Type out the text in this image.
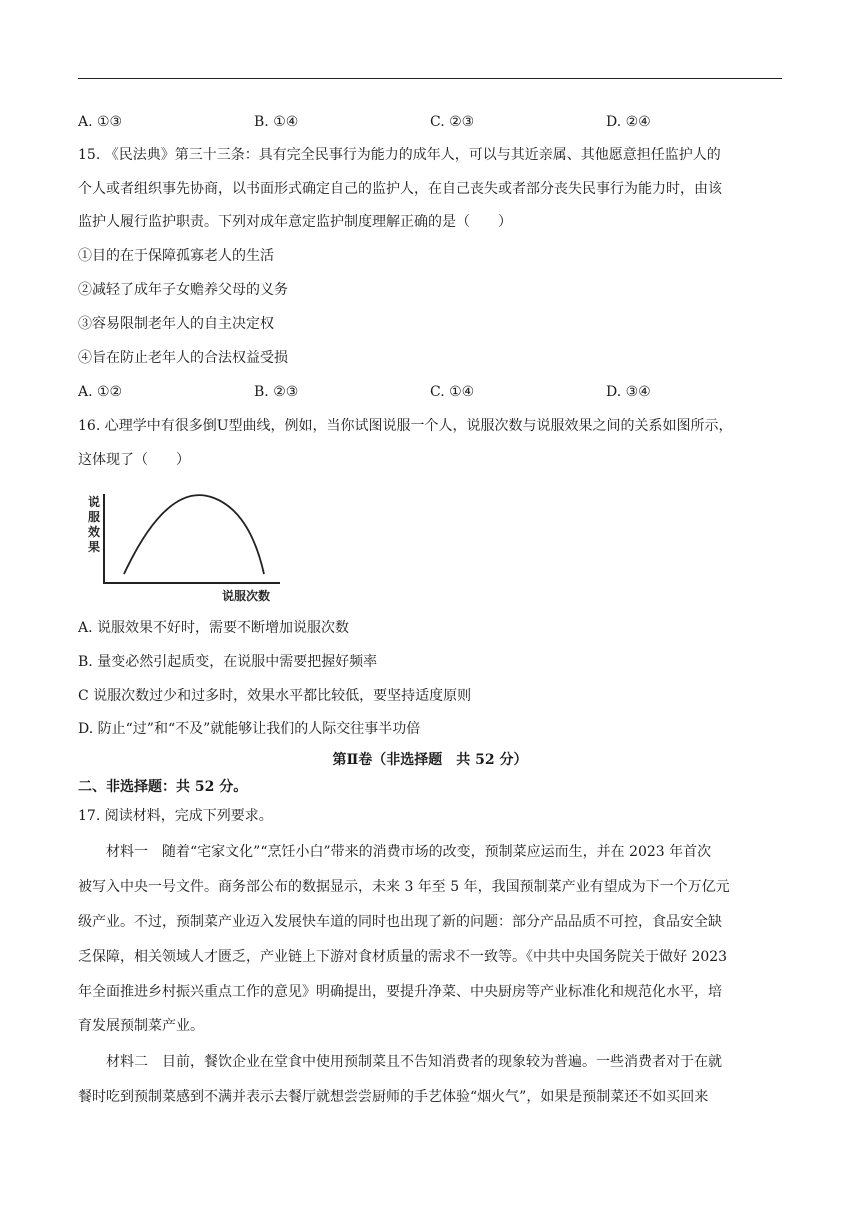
A. ①③	B. ①④	C. ②③	D. ②④
15. 《民法典》第三十三条：具有完全民事行为能力的成年人，可以与其近亲属、其他愿意担任监护人的
个人或者组织事先协商，以书面形式确定自己的监护人，在自己丧失或者部分丧失民事行为能力时，由该
监护人履行监护职责。下列对成年意定监护制度理解正确的是（　　）
①目的在于保障孤寡老人的生活
②减轻了成年子女赡养父母的义务
③容易限制老年人的自主决定权
④旨在防止老年人的合法权益受损
A. ①②	B. ②③	C. ①④	D. ③④
16. 心理学中有很多倒U型曲线，例如，当你试图说服一个人，说服次数与说服效果之间的关系如图所示，
这体现了（　　）
说
服
效
果
说服次数
A. 说服效果不好时，需要不断增加说服次数
B. 量变必然引起质变，在说服中需要把握好频率
C 说服次数过少和过多时，效果水平都比较低，要坚持适度原则
D. 防止“过”和“不及”就能够让我们的人际交往事半功倍
第Ⅱ卷（非选择题　共 52 分）
二、非选择题：共 52 分。
17. 阅读材料，完成下列要求。
材料一　随着“宅家文化”“烹饪小白”带来的消费市场的改变，预制菜应运而生，并在 2023 年首次
被写入中央一号文件。商务部公布的数据显示，未来 3 年至 5 年，我国预制菜产业有望成为下一个万亿元
级产业。不过，预制菜产业迈入发展快车道的同时也出现了新的问题：部分产品品质不可控，食品安全缺
乏保障，相关领域人才匮乏，产业链上下游对食材质量的需求不一致等。《中共中央国务院关于做好 2023
年全面推进乡村振兴重点工作的意见》明确提出，要提升净菜、中央厨房等产业标准化和规范化水平，培
育发展预制菜产业。
材料二　目前，餐饮企业在堂食中使用预制菜且不告知消费者的现象较为普遍。一些消费者对于在就
餐时吃到预制菜感到不满并表示去餐厅就想尝尝厨师的手艺体验“烟火气”，如果是预制菜还不如买回来
